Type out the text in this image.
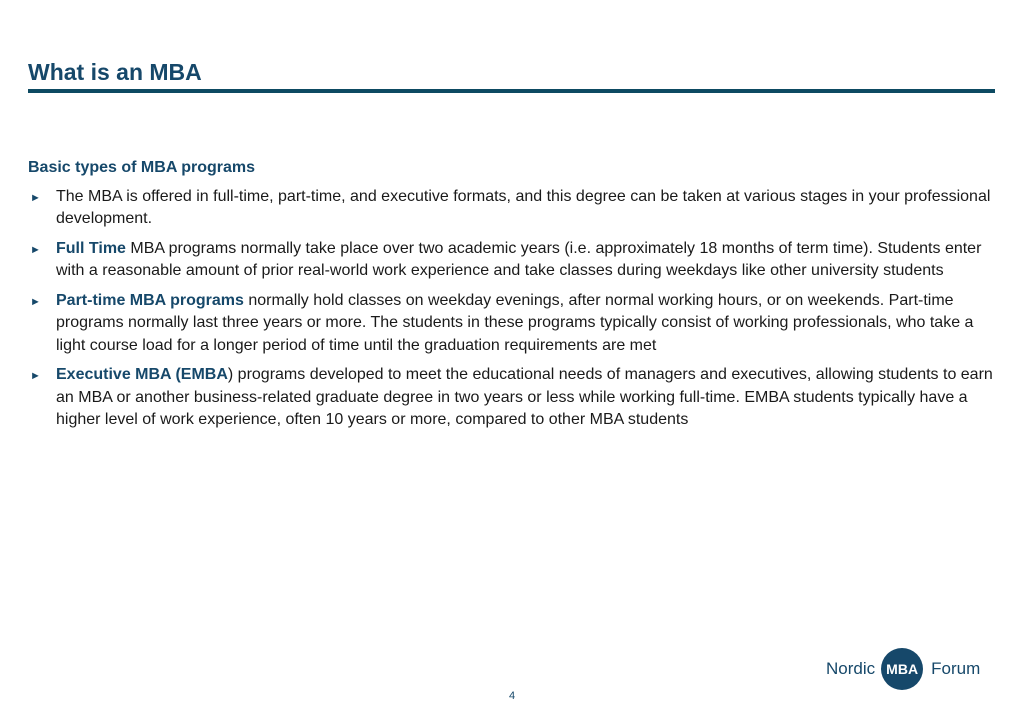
What is an MBA
Basic types of MBA programs
► The MBA is offered in full-time, part-time, and executive formats, and this degree can be taken at various stages in your professional development.
► Full Time MBA programs normally take place over two academic years (i.e. approximately 18 months of term time). Students enter with a reasonable amount of prior real-world work experience and take classes during weekdays like other university students
► Part-time MBA programs normally hold classes on weekday evenings, after normal working hours, or on weekends. Part-time programs normally last three years or more. The students in these programs typically consist of working professionals, who take a light course load for a longer period of time until the graduation requirements are met
► Executive MBA (EMBA) programs developed to meet the educational needs of managers and executives, allowing students to earn an MBA or another business-related graduate degree in two years or less while working full-time. EMBA students typically have a higher level of work experience, often 10 years or more, compared to other MBA students
Nordic MBA Forum
4
